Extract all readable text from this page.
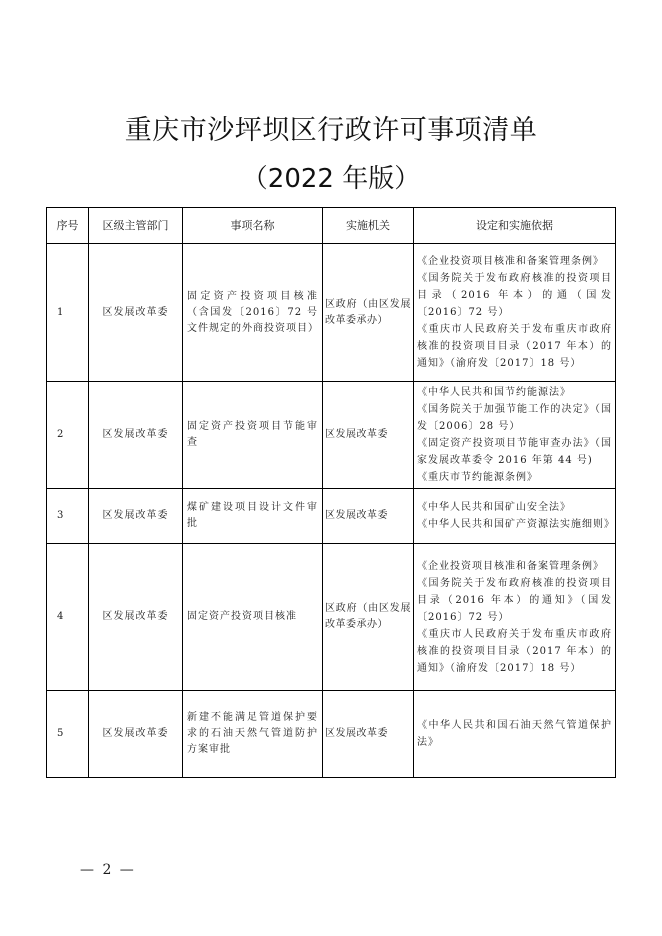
重庆市沙坪坝区行政许可事项清单
（2022 年版）
序号	区级主管部门	事项名称	实施机关	设定和实施依据
1	区发展改革委	固定资产投资项目核准（含国发〔2016〕72 号文件规定的外商投资项目）	区政府（由区发展改革委承办）	《企业投资项目核准和备案管理条例》
《国务院关于发布政府核准的投资项目目录（2016 年本）的通（国发〔2016〕72 号）
《重庆市人民政府关于发布重庆市政府核准的投资项目目录（2017 年本）的通知》（渝府发〔2017〕18 号）

2	区发展改革委	固定资产投资项目节能审查	区发展改革委	《中华人民共和国节约能源法》
《国务院关于加强节能工作的决定》（国发〔2006〕28 号）
《固定资产投资项目节能审查办法》（国家发展改革委令 2016 年第 44 号)
《重庆市节约能源条例》

3	区发展改革委	煤矿建设项目设计文件审批	区发展改革委	《中华人民共和国矿山安全法》
《中华人民共和国矿产资源法实施细则》

4	区发展改革委	固定资产投资项目核准	区政府（由区发展改革委承办）	《企业投资项目核准和备案管理条例》
《国务院关于发布政府核准的投资项目目录（2016 年本）的通知》（国发〔2016〕72 号）
《重庆市人民政府关于发布重庆市政府核准的投资项目目录（2017 年本）的通知》（渝府发〔2017〕18 号）

5	区发展改革委	新建不能满足管道保护要求的石油天然气管道防护方案审批	区发展改革委	《中华人民共和国石油天然气管道保护法》
— 2 —
